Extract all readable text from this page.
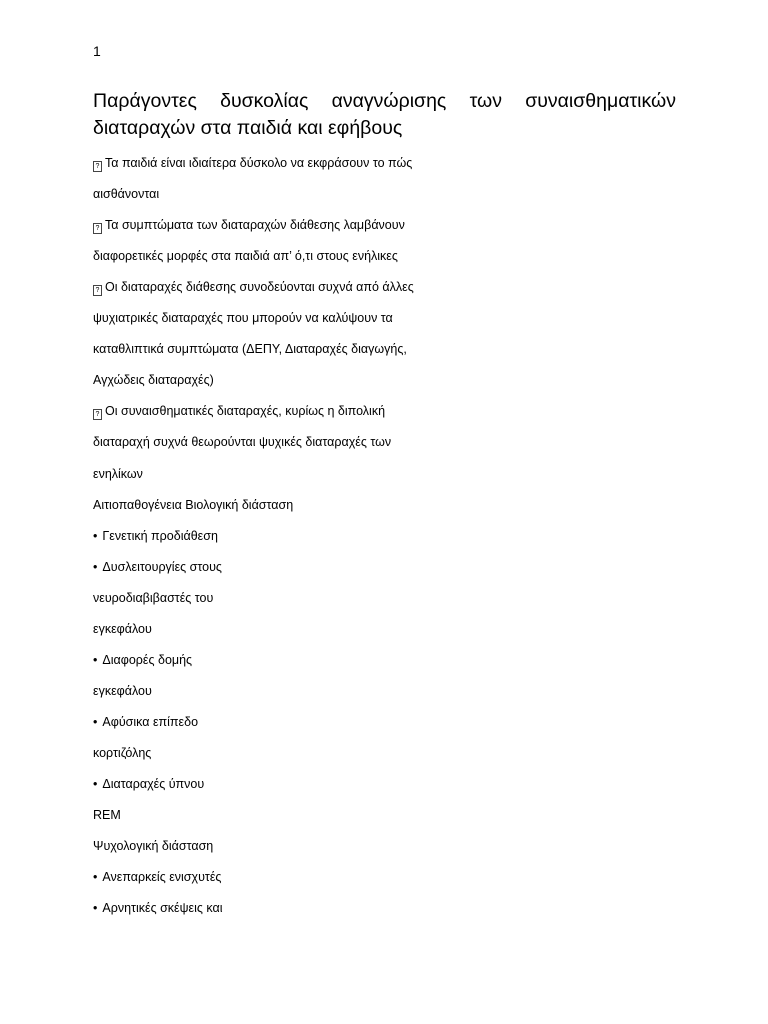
1
Παράγοντες δυσκολίας αναγνώρισης των συναισθηματικών
διαταραχών στα παιδιά και εφήβους
? Τα παιδιά είναι ιδιαίτερα δύσκολο να εκφράσουν το πώς
αισθάνονται
? Τα συμπτώματα των διαταραχών διάθεσης λαμβάνουν
διαφορετικές μορφές στα παιδιά απ’ ό,τι στους ενήλικες
? Οι διαταραχές διάθεσης συνοδεύονται συχνά από άλλες
ψυχιατρικές διαταραχές που μπορούν να καλύψουν τα
καταθλιπτικά συμπτώματα (ΔΕΠΥ, Διαταραχές διαγωγής,
Αγχώδεις διαταραχές)
? Οι συναισθηματικές διαταραχές, κυρίως η διπολική
διαταραχή συχνά θεωρούνται ψυχικές διαταραχές των
ενηλίκων
Αιτιοπαθογένεια Βιολογική διάσταση
• Γενετική προδιάθεση
• Δυσλειτουργίες στους
νευροδιαβιβαστές του
εγκεφάλου
• Διαφορές δομής
εγκεφάλου
• Αφύσικα επίπεδο
κορτιζόλης
• Διαταραχές ύπνου
REM
Ψυχολογική διάσταση
• Ανεπαρκείς ενισχυτές
• Αρνητικές σκέψεις και
